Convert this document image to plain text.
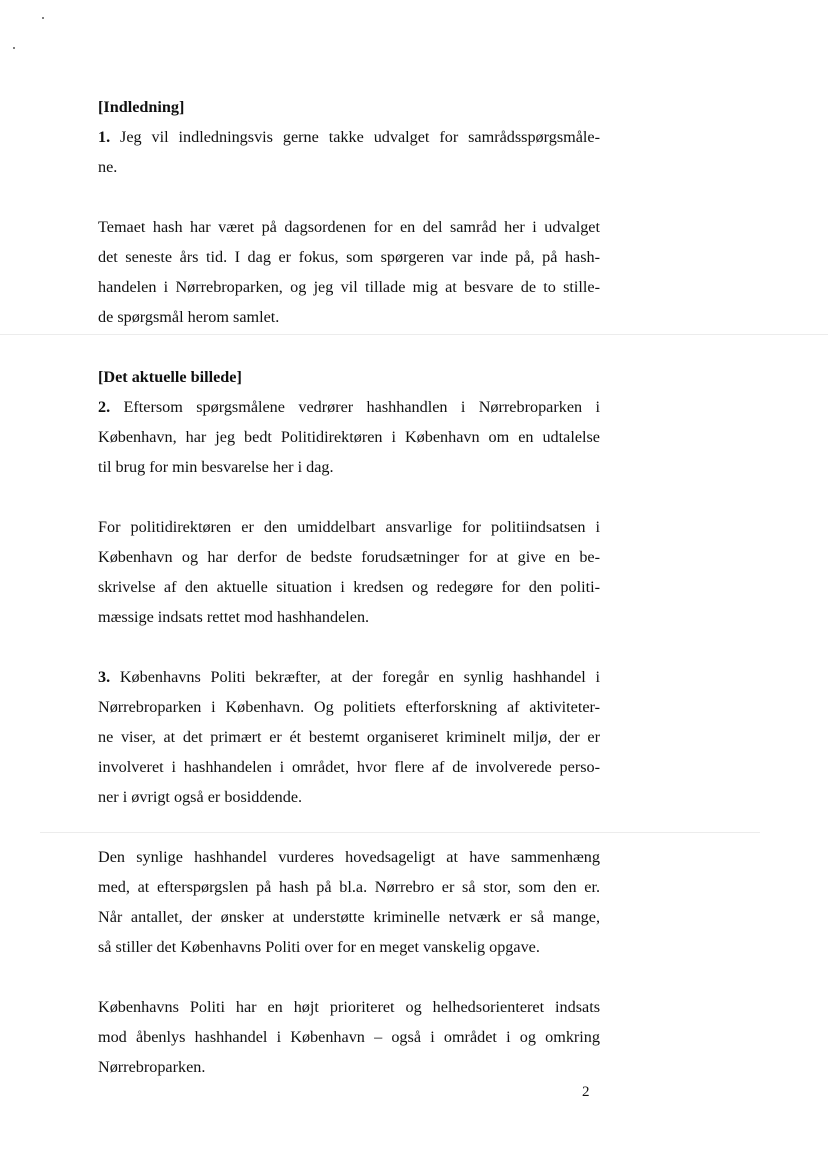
[Indledning]

1. Jeg vil indledningsvis gerne takke udvalget for samrådsspørgsmåle-
ne.

Temaet hash har været på dagsordenen for en del samråd her i udvalget
det seneste års tid. I dag er fokus, som spørgeren var inde på, på hash-
handelen i Nørrebroparken, og jeg vil tillade mig at besvare de to stille-
de spørgsmål herom samlet.

[Det aktuelle billede]

2. Eftersom spørgsmålene vedrører hashhandlen i Nørrebroparken i
København, har jeg bedt Politidirektøren i København om en udtalelse
til brug for min besvarelse her i dag.

For politidirektøren er den umiddelbart ansvarlige for politiindsatsen i
København og har derfor de bedste forudsætninger for at give en be-
skrivelse af den aktuelle situation i kredsen og redegøre for den politi-
mæssige indsats rettet mod hashhandelen.

3. Københavns Politi bekræfter, at der foregår en synlig hashhandel i
Nørrebroparken i København. Og politiets efterforskning af aktiviteter-
ne viser, at det primært er ét bestemt organiseret kriminelt miljø, der er
involveret i hashhandelen i området, hvor flere af de involverede perso-
ner i øvrigt også er bosiddende.

Den synlige hashhandel vurderes hovedsageligt at have sammenhæng
med, at efterspørgslen på hash på bl.a. Nørrebro er så stor, som den er.
Når antallet, der ønsker at understøtte kriminelle netværk er så mange,
så stiller det Københavns Politi over for en meget vanskelig opgave.

Københavns Politi har en højt prioriteret og helhedsorienteret indsats
mod åbenlys hashhandel i København – også i området i og omkring
Nørrebroparken.

2
